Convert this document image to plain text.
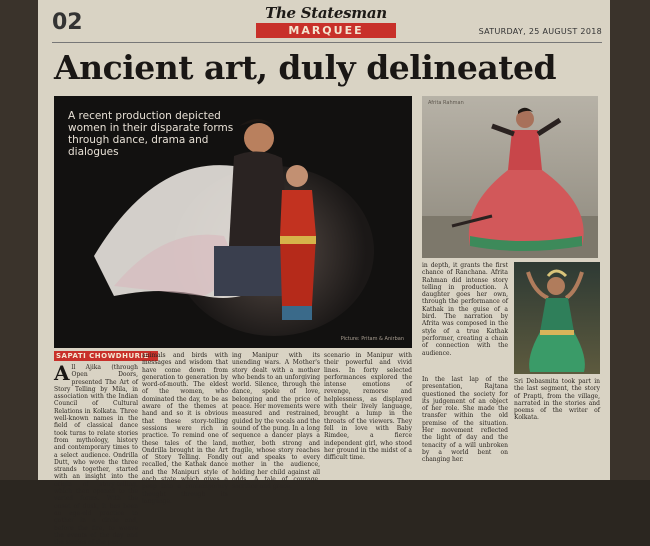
02	The Statesman
MARQUEE	SATURDAY, 25 AUGUST 2018
Ancient art, duly delineated
A recent production depicted women in their disparate forms through dance, drama and dialogues
Picture: Pritam & Anirban
Afrita Rahman
SAPATI CHOWDHURIE
All Ajika (through Open Doors, presented The Art of Story Telling by Mila, in association with the Indian Council of Cultural Relations in Kolkata. Three well-known names in the field of classical dance took turns to relate stories from mythology, history and contemporary times to a select audience. Ondrilla Dutt, who wove the three strands together, started with an insight into the origin of story-telling, which then opened to the varied forms. With the onset of dusk, it has been an age-old practice to gather in a circle and, before the fire, to weave the events of the day and the stories of the past.
animals and birds with messages and wisdom that have come down from generation to generation by word-of-mouth. The eldest of the women, who dominated the day, to be as aware of the themes at hand and so it is obvious that these story-telling sessions were rich in practice. To remind one of these tales of the land, Ondrilla brought in the Art of Story Telling. Fondly recalled, the Kathak dance and the Manipuri style of each state which gives a peep into a contemporary thought through its language.
ing Manipur with its unending wars. A Mother's story dealt with a mother who bends to an unforgiving world. Silence, through the dance, spoke of love, belonging and the price of peace. Her movements were measured and restrained, guided by the vocals and the sound of the pung. In a long sequence a dancer plays a mother, both strong and fragile, whose story reaches out and speaks to every mother in the audience, holding her child against all odds. A tale of courage, sacrifice and grace.
scenario in Manipur with their powerful and vivid lines. In forty selected performances explored the intense emotions of revenge, remorse and helplessness, as displayed with their lively language, brought a lump in the throats of the viewers. They fell in love with Baby Rimdee, a fierce independent girl, who stood her ground in the midst of a difficult time.
in depth, it grants the first chance of Ranchana. Afrita Rahman did intense story telling in production. A daughter goes her own, through the performance of Kathak in the guise of a bird. The narration by Afrita was composed in the style of a true Kathak performer, creating a chain of connection with the audience.
In the last lap of the presentation, Rajtana questioned the society for its judgement of an object of her role. She made the transfer within the old premise of the situation. Her movement reflected the light of day and the tenacity of a will unbroken by a world bent on changing her.
Sri Debasmita took part in the last segment, the story of Prapti, from the village, narrated in the stories and poems of the writer of Kolkata.
